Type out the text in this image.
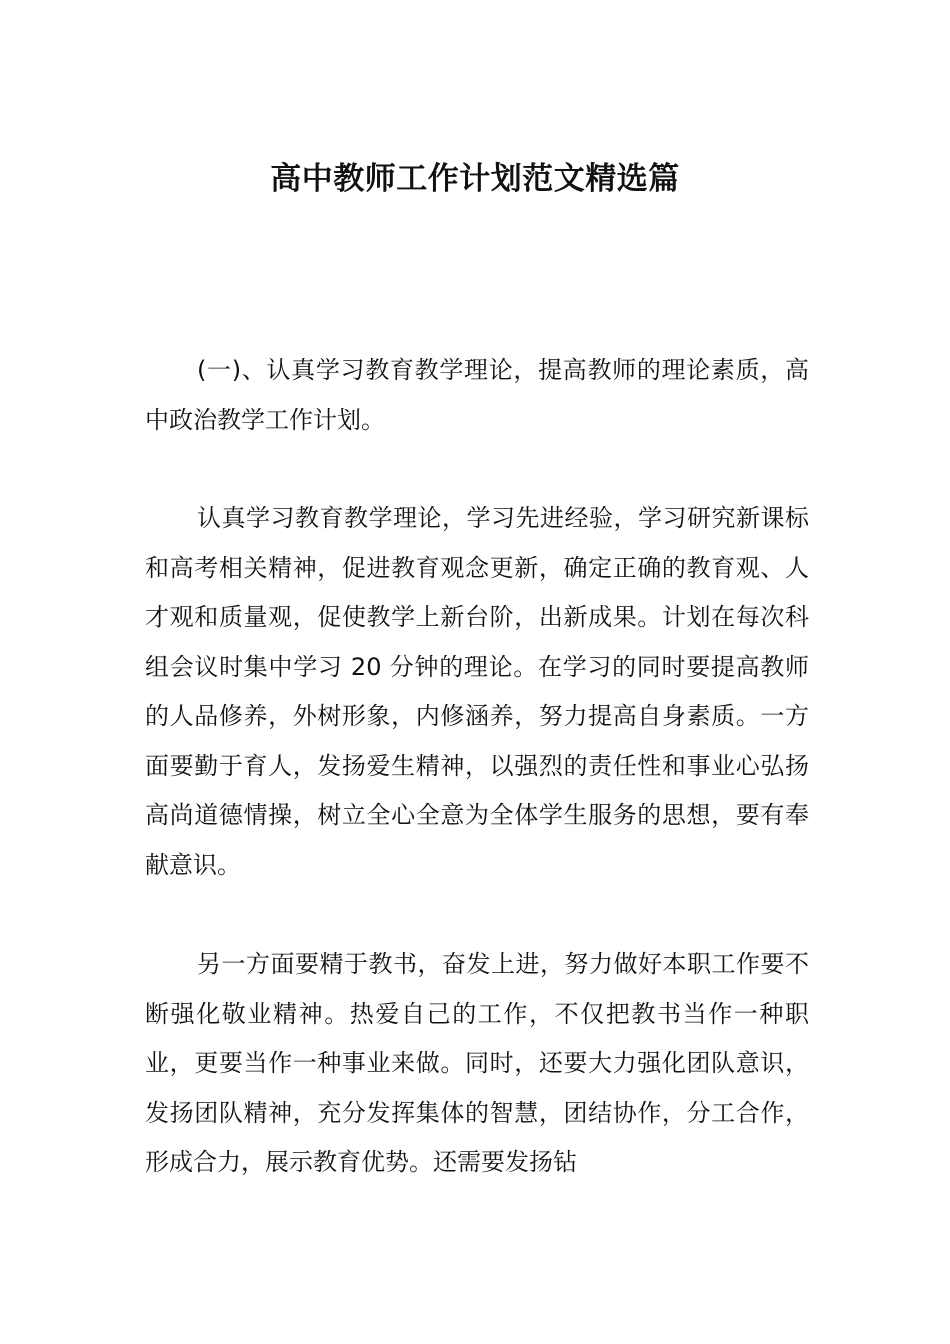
高中教师工作计划范文精选篇

(一)、认真学习教育教学理论，提高教师的理论素质，高中政治教学工作计划。

认真学习教育教学理论，学习先进经验，学习研究新课标和高考相关精神，促进教育观念更新，确定正确的教育观、人才观和质量观，促使教学上新台阶，出新成果。计划在每次科组会议时集中学习 20 分钟的理论。在学习的同时要提高教师的人品修养，外树形象，内修涵养，努力提高自身素质。一方面要勤于育人，发扬爱生精神，以强烈的责任性和事业心弘扬高尚道德情操，树立全心全意为全体学生服务的思想，要有奉献意识。

另一方面要精于教书，奋发上进，努力做好本职工作要不断强化敬业精神。热爱自己的工作，不仅把教书当作一种职业，更要当作一种事业来做。同时，还要大力强化团队意识，发扬团队精神，充分发挥集体的智慧，团结协作，分工合作，形成合力，展示教育优势。还需要发扬钻
